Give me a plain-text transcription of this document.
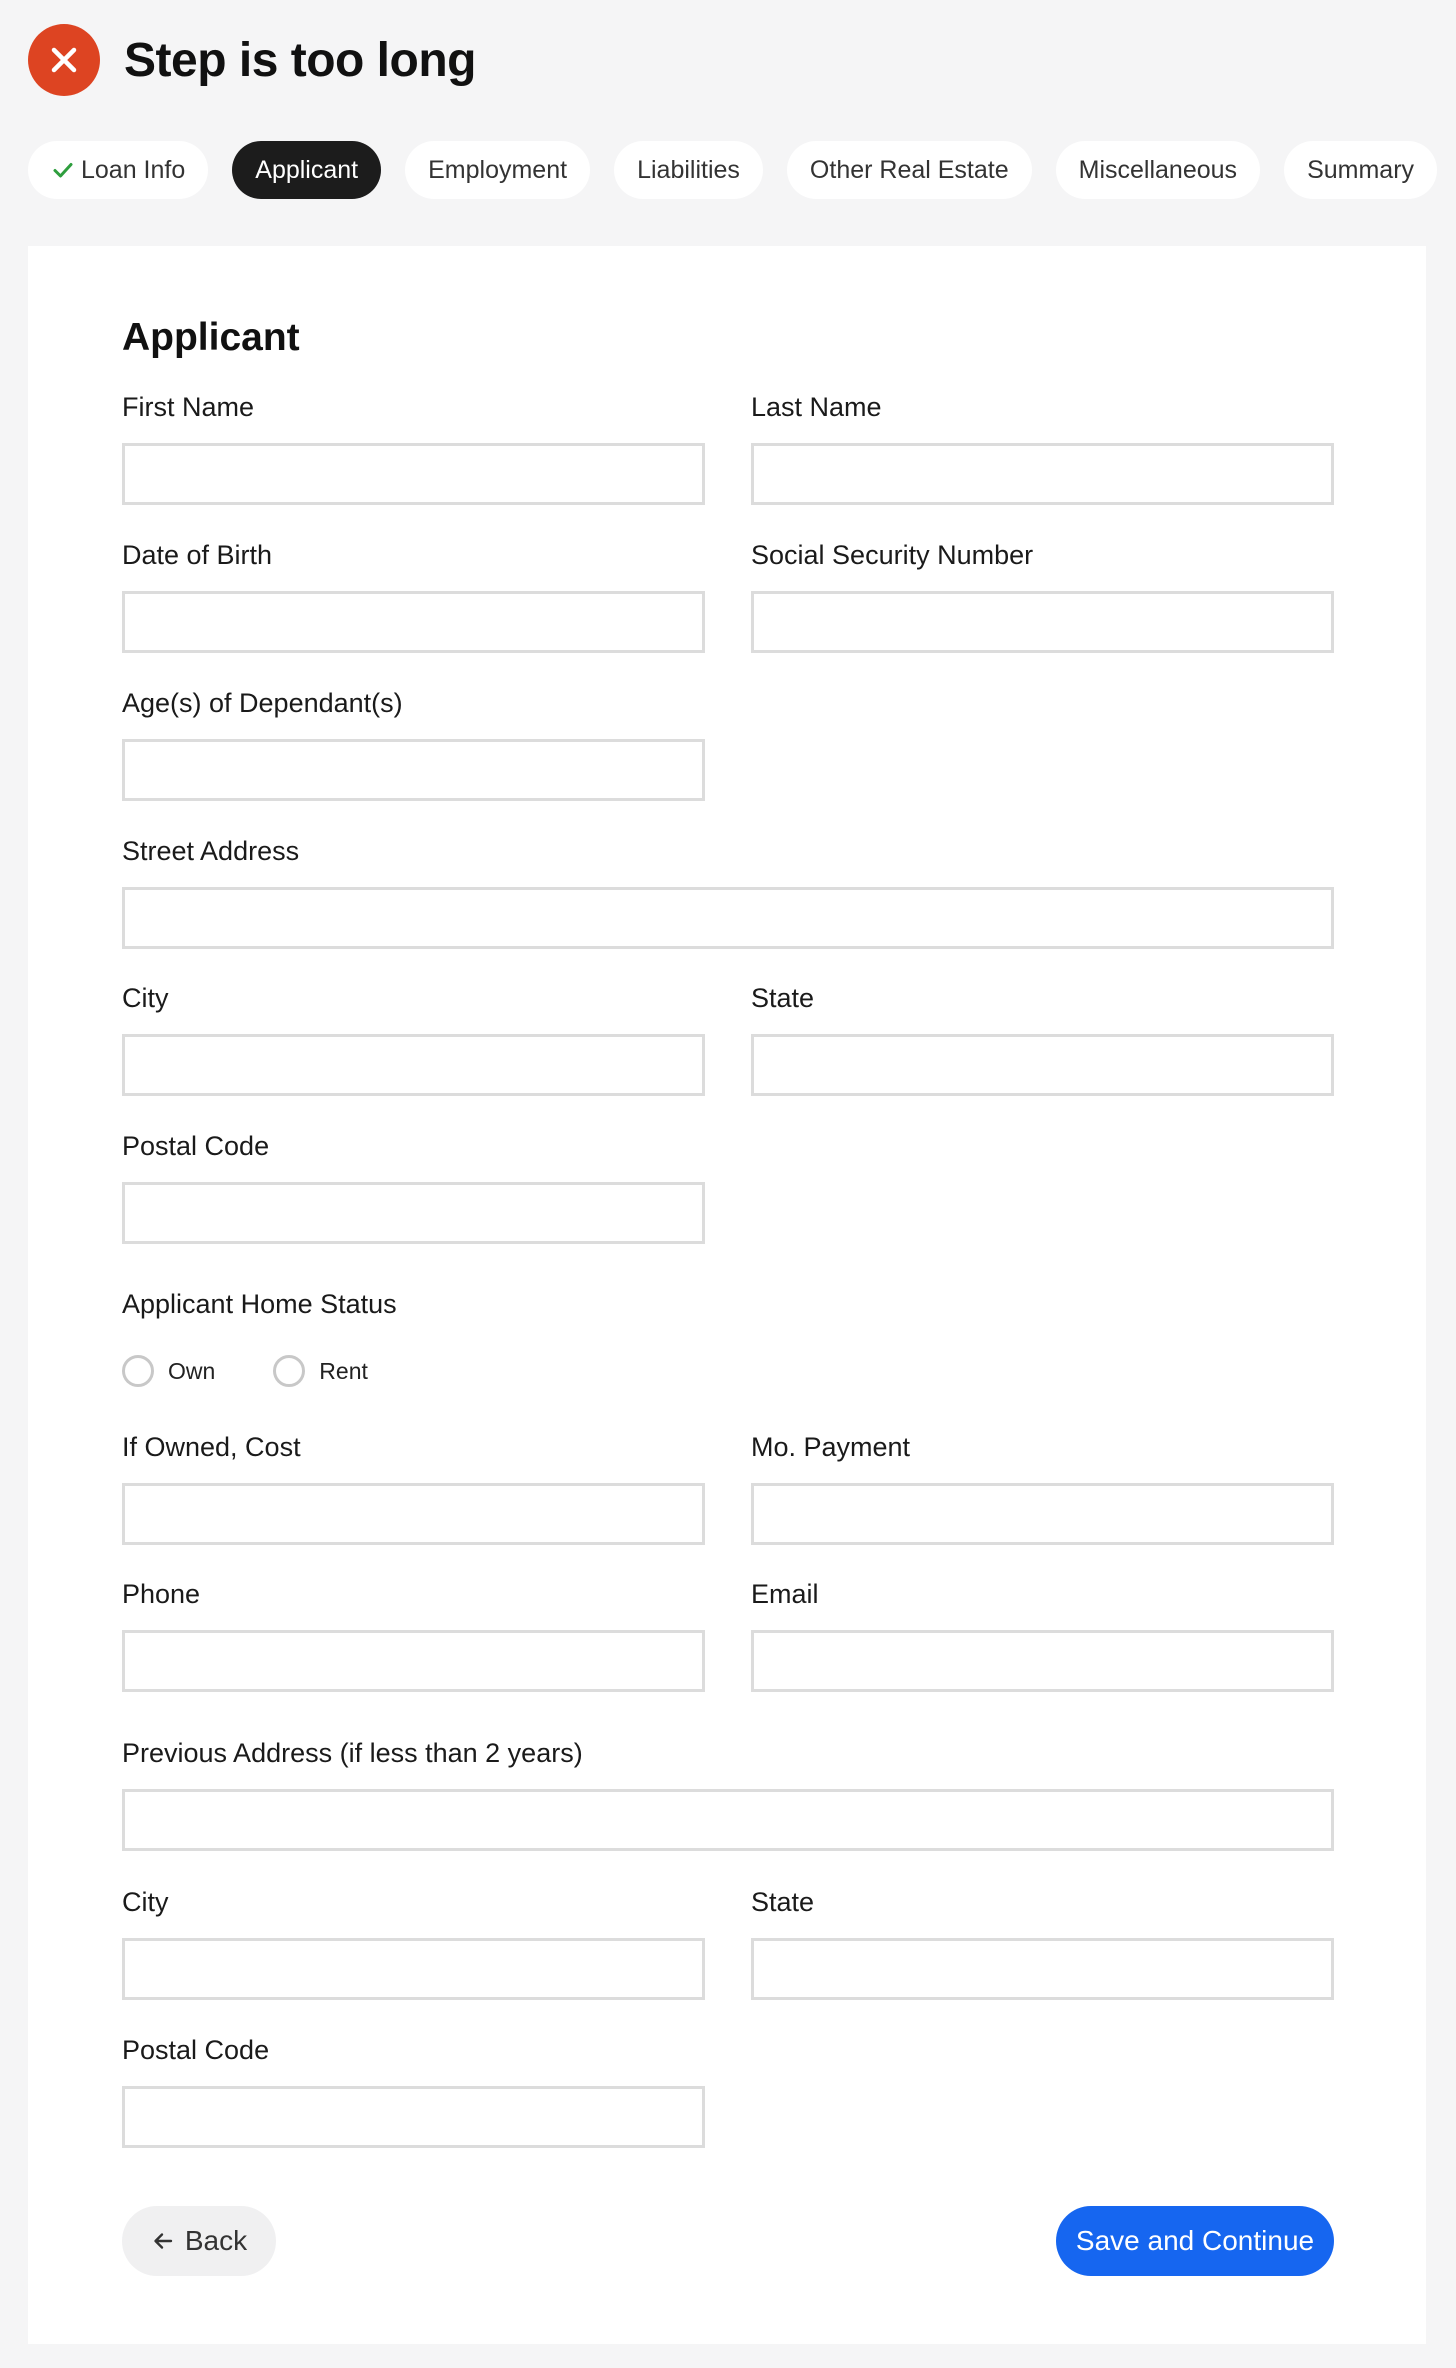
Step is too long
Loan Info	Applicant	Employment	Liabilities	Other Real Estate	Miscellaneous	Summary
Applicant
First Name	Last Name
Date of Birth	Social Security Number
Age(s) of Dependant(s)
Street Address
City	State
Postal Code
Applicant Home Status
Own	Rent
If Owned, Cost	Mo. Payment
Phone	Email
Previous Address (if less than 2 years)
City	State
Postal Code
Back	Save and Continue
